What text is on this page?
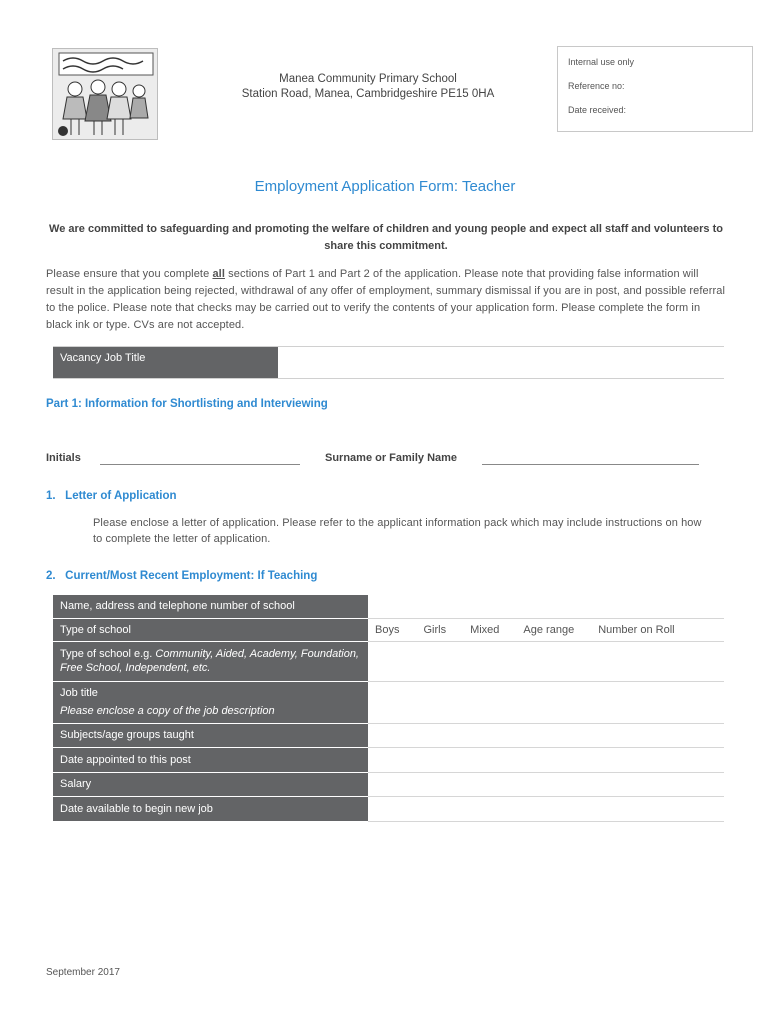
Manea Community Primary School
Station Road, Manea, Cambridgeshire PE15 0HA
Internal use only
Reference no:
Date received:
Employment Application Form: Teacher
We are committed to safeguarding and promoting the welfare of children and young people and expect all staff and volunteers to share this commitment.
Please ensure that you complete all sections of Part 1 and Part 2 of the application. Please note that providing false information will result in the application being rejected, withdrawal of any offer of employment, summary dismissal if you are in post, and possible referral to the police. Please note that checks may be carried out to verify the contents of your application form. Please complete the form in black ink or type. CVs are not accepted.
Vacancy Job Title
Part 1: Information for Shortlisting and Interviewing
Initials	Surname or Family Name
1.   Letter of Application
Please enclose a letter of application. Please refer to the applicant information pack which may include instructions on how to complete the letter of application.
2.   Current/Most Recent Employment: If Teaching
Name, address and telephone number of school	
Type of school	Boys Girls Mixed Age range Number on Roll

Type of school e.g. Community, Aided, Academy, Foundation, Free School, Independent, etc.	

Job title
Please enclose a copy of the job description	

Subjects/age groups taught	
Date appointed to this post	
Salary	
Date available to begin new job	
September 2017
